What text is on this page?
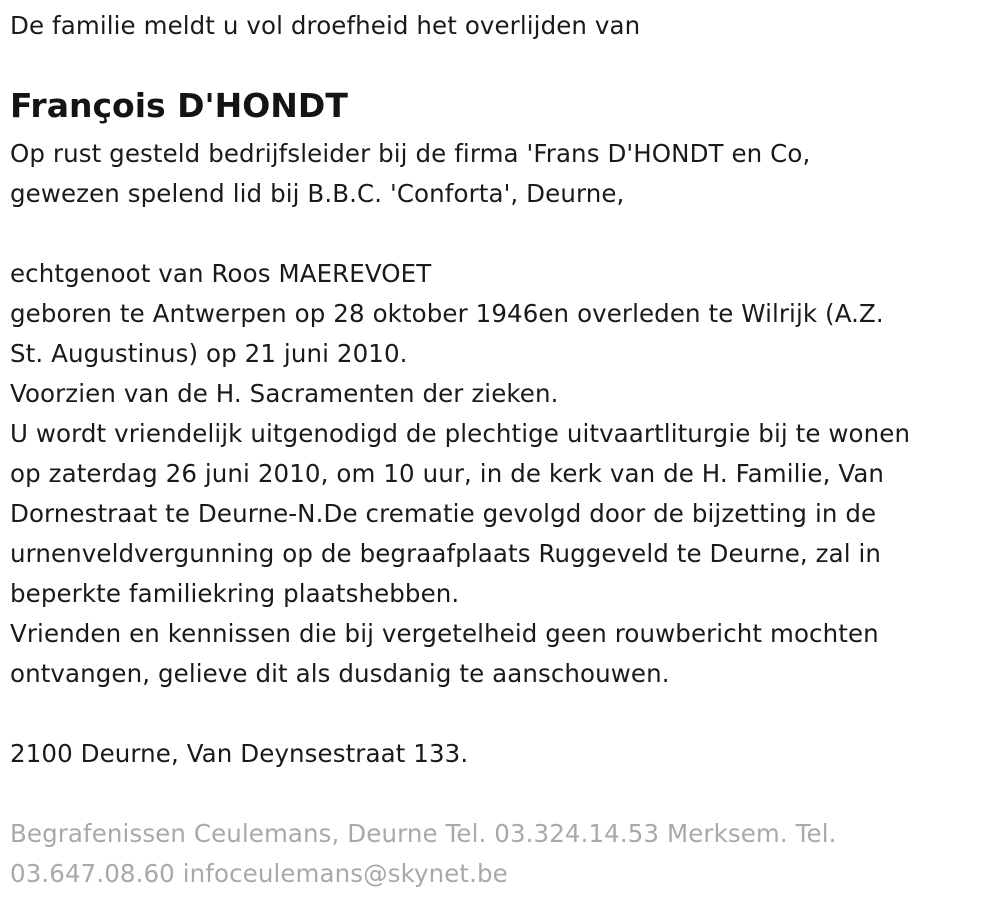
De familie meldt u vol droefheid het overlijden van
François D'HONDT
Op rust gesteld bedrijfsleider bij de firma 'Frans D'HONDT en Co,
gewezen spelend lid bij B.B.C. 'Conforta', Deurne,
echtgenoot van Roos MAEREVOET
geboren te Antwerpen op 28 oktober 1946en overleden te Wilrijk (A.Z.
St. Augustinus) op 21 juni 2010.
Voorzien van de H. Sacramenten der zieken.
U wordt vriendelijk uitgenodigd de plechtige uitvaartliturgie bij te wonen
op zaterdag 26 juni 2010, om 10 uur, in de kerk van de H. Familie, Van
Dornestraat te Deurne-N.De crematie gevolgd door de bijzetting in de
urnenveldvergunning op de begraafplaats Ruggeveld te Deurne, zal in
beperkte familiekring plaatshebben.
Vrienden en kennissen die bij vergetelheid geen rouwbericht mochten
ontvangen, gelieve dit als dusdanig te aanschouwen.
2100 Deurne, Van Deynsestraat 133.
Begrafenissen Ceulemans, Deurne Tel. 03.324.14.53 Merksem. Tel.
03.647.08.60 infoceulemans@skynet.be
